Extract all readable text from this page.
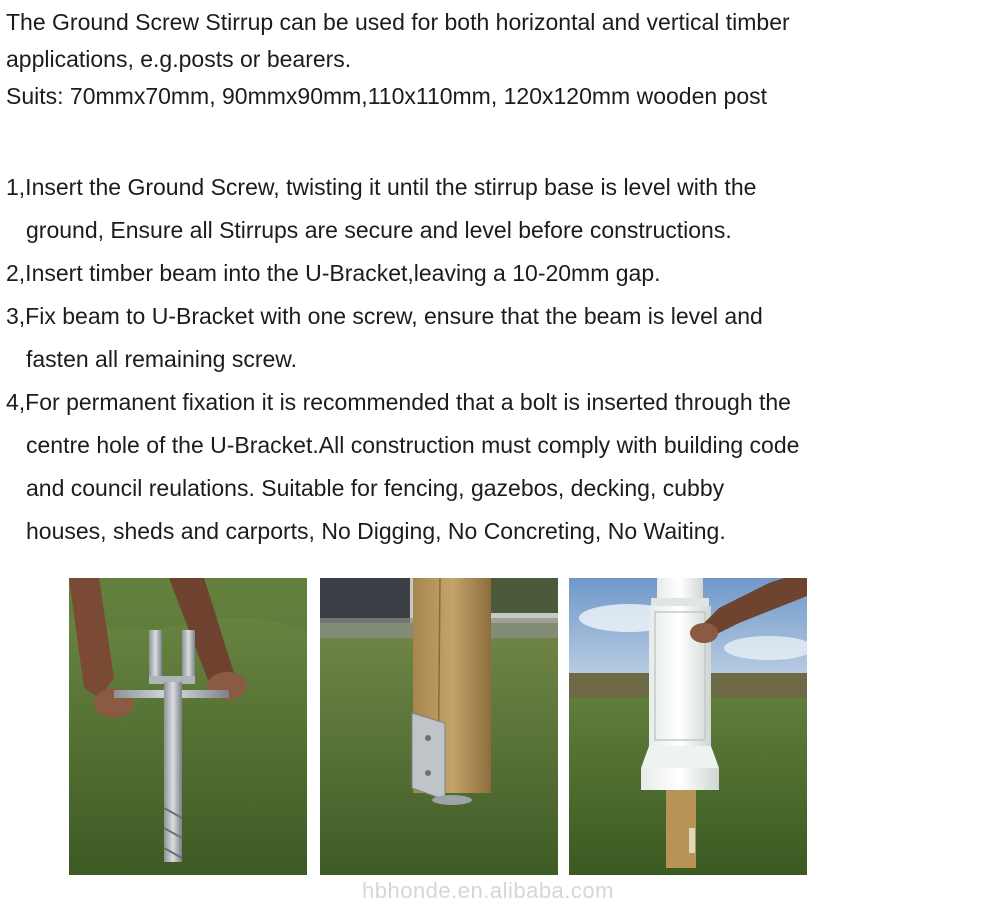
The Ground Screw Stirrup can be used for both horizontal and vertical timber
applications, e.g.posts or bearers.
Suits: 70mmx70mm, 90mmx90mm,110x110mm, 120x120mm wooden post
1,Insert the Ground Screw, twisting it until the stirrup base is level with the
ground, Ensure all Stirrups are secure and level before constructions.
2,Insert timber beam into the U-Bracket,leaving a 10-20mm gap.
3,Fix beam to U-Bracket with one screw, ensure that the beam is level and
fasten all remaining screw.
4,For permanent fixation it is recommended that a bolt is inserted through the
centre hole of the U-Bracket.All construction must comply with building code
and council reulations. Suitable for fencing, gazebos, decking, cubby
houses, sheds and carports, No Digging, No Concreting, No Waiting.
hbhonde.en.alibaba.com
